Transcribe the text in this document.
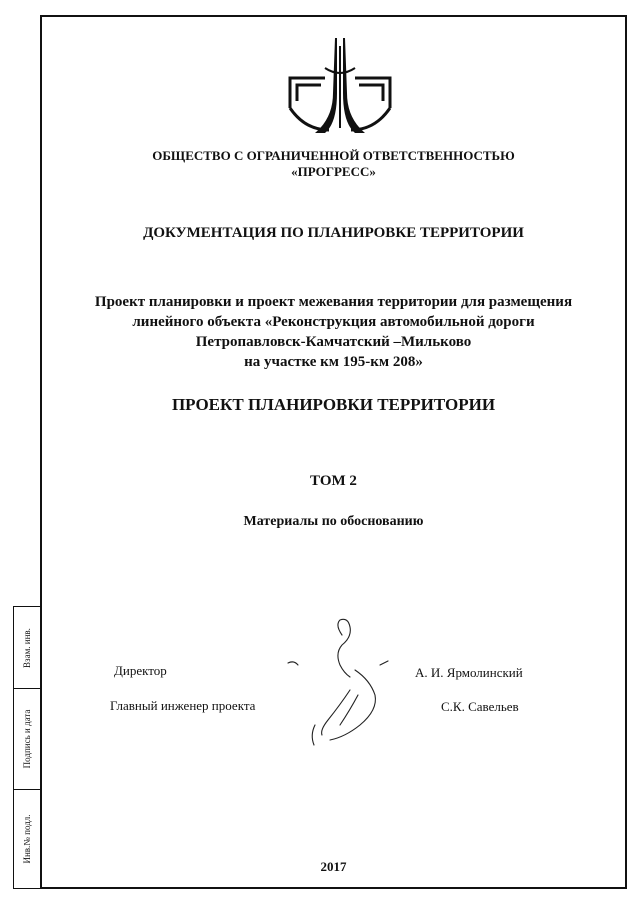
Взам. инв.
Подпись и дата
Инв.№ подл.
ОБЩЕСТВО С ОГРАНИЧЕННОЙ ОТВЕТСТВЕННОСТЬЮ
«ПРОГРЕСС»
ДОКУМЕНТАЦИЯ ПО ПЛАНИРОВКЕ ТЕРРИТОРИИ
Проект планировки и проект межевания территории для размещения
линейного объекта «Реконструкция автомобильной дороги
Петропавловск-Камчатский –Мильково
на участке км 195-км 208»
ПРОЕКТ ПЛАНИРОВКИ ТЕРРИТОРИИ
ТОМ 2
Материалы по обоснованию
Директор	А. И. Ярмолинский
Главный инженер проекта	С.К. Савельев
2017
